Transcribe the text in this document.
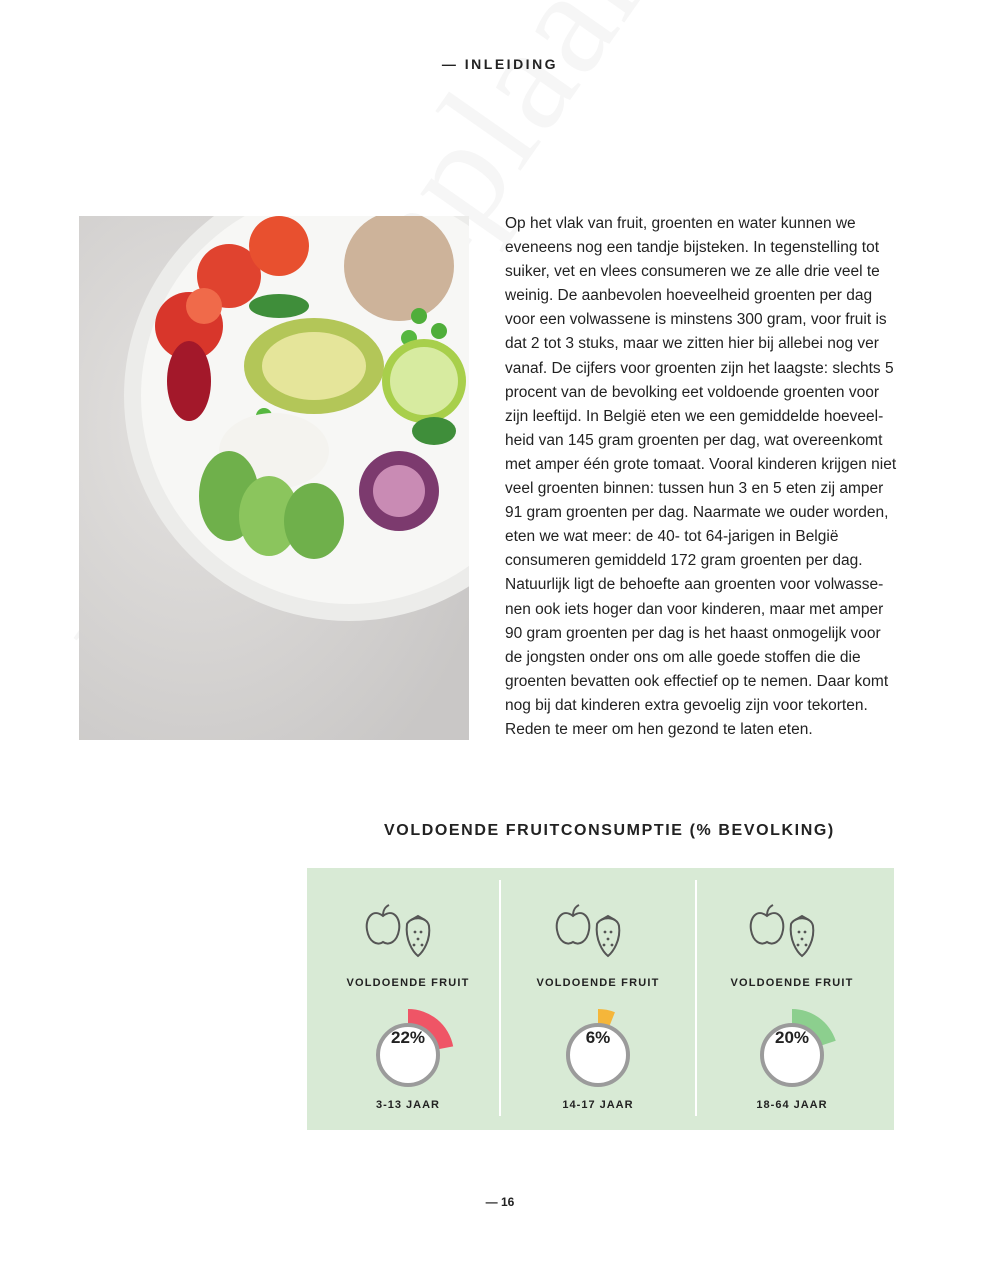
— INLEIDING

Op het vlak van fruit, groenten en water kunnen we eveneens nog een tandje bijsteken. In tegenstelling tot suiker, vet en vlees consumeren we ze alle drie veel te weinig. De aanbevolen hoeveelheid groenten per dag voor een volwassene is minstens 300 gram, voor fruit is dat 2 tot 3 stuks, maar we zitten hier bij allebei nog ver vanaf. De cijfers voor groenten zijn het laagste: slechts 5 procent van de bevolking eet voldoende groenten voor zijn leeftijd. In België eten we een gemiddelde hoeveelheid van 145 gram groenten per dag, wat overeenkomt met amper één grote tomaat. Vooral kinderen krijgen niet veel groenten binnen: tussen hun 3 en 5 eten zij amper 91 gram groenten per dag. Naarmate we ouder worden, eten we wat meer: de 40- tot 64-jarigen in België consumeren gemiddeld 172 gram groenten per dag.

Natuurlijk ligt de behoefte aan groenten voor volwassenen ook iets hoger dan voor kinderen, maar met amper 90 gram groenten per dag is het haast onmogelijk voor de jongsten onder ons om alle goede stoffen die die groenten bevatten ook effectief op te nemen. Daar komt nog bij dat kinderen extra gevoelig zijn voor tekorten. Reden te meer om hen gezond te laten eten.

VOLDOENDE FRUITCONSUMPTIE (% BEVOLKING)
VOLDOENDE FRUIT
22%
3-13 JAAR
VOLDOENDE FRUIT
6%
14-17 JAAR
VOLDOENDE FRUIT
20%
18-64 JAAR
— 16
